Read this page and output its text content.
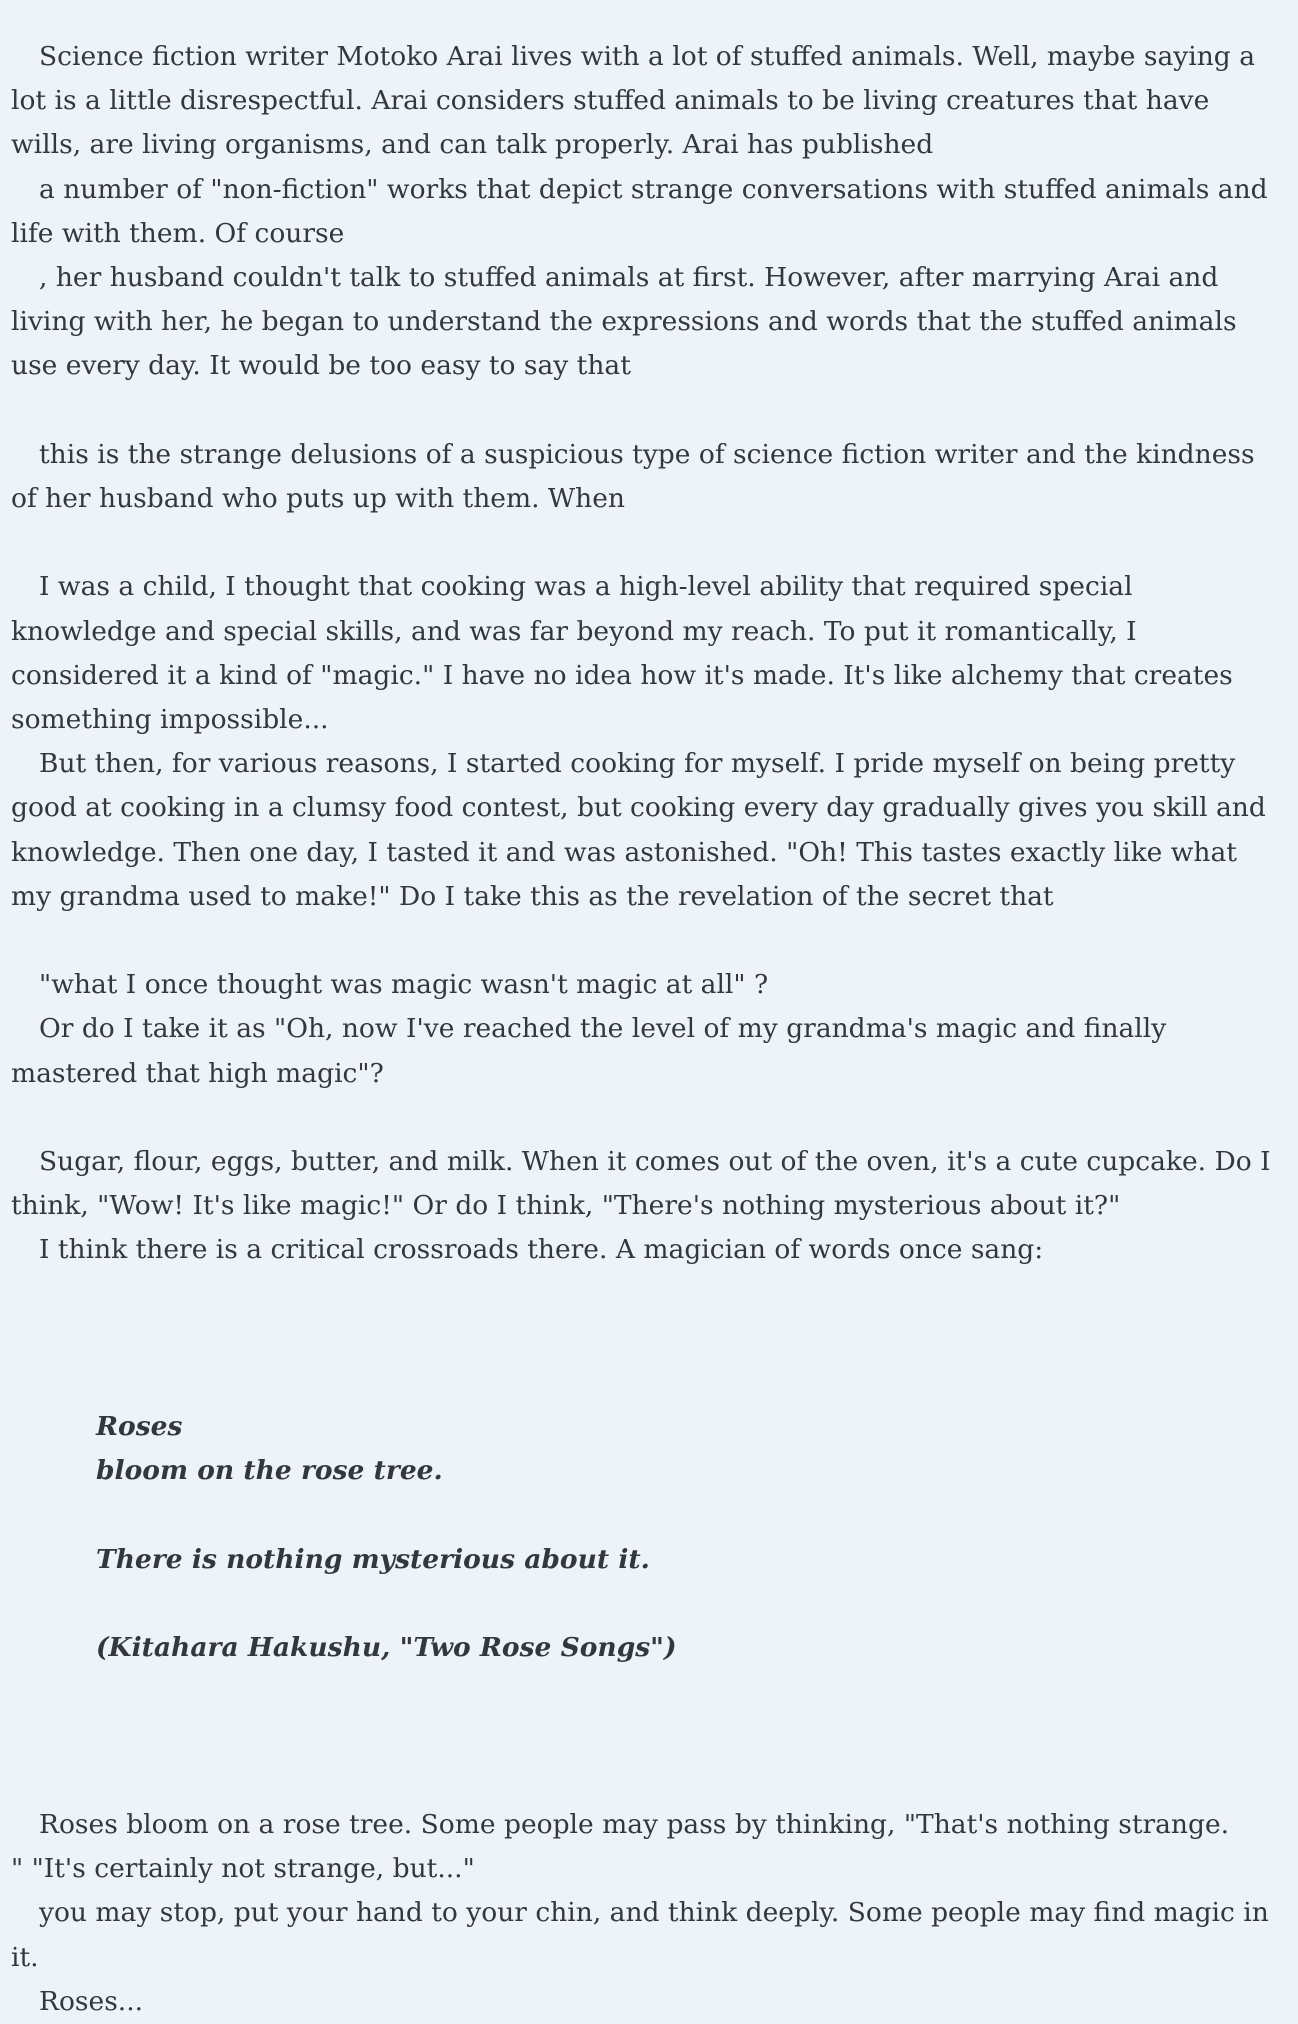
Science fiction writer Motoko Arai lives with a lot of stuffed animals. Well, maybe saying a lot is a little disrespectful. Arai considers stuffed animals to be living creatures that have wills, are living organisms, and can talk properly. Arai has published

a number of "non-fiction" works that depict strange conversations with stuffed animals and life with them. Of course

, her husband couldn't talk to stuffed animals at first. However, after marrying Arai and living with her, he began to understand the expressions and words that the stuffed animals use every day. It would be too easy to say that

this is the strange delusions of a suspicious type of science fiction writer and the kindness of her husband who puts up with them. When

I was a child, I thought that cooking was a high-level ability that required special knowledge and special skills, and was far beyond my reach. To put it romantically, I considered it a kind of "magic." I have no idea how it's made. It's like alchemy that creates something impossible...

But then, for various reasons, I started cooking for myself. I pride myself on being pretty good at cooking in a clumsy food contest, but cooking every day gradually gives you skill and knowledge. Then one day, I tasted it and was astonished. "Oh! This tastes exactly like what my grandma used to make!" Do I take this as the revelation of the secret that

"what I once thought was magic wasn't magic at all" ?

Or do I take it as "Oh, now I've reached the level of my grandma's magic and finally mastered that high magic"?

Sugar, flour, eggs, butter, and milk. When it comes out of the oven, it's a cute cupcake. Do I think, "Wow! It's like magic!" Or do I think, "There's nothing mysterious about it?"

I think there is a critical crossroads there. A magician of words once sang:

Roses
bloom on the rose tree.
There is nothing mysterious about it.
(Kitahara Hakushu, "Two Rose Songs")

Roses bloom on a rose tree. Some people may pass by thinking, "That's nothing strange.

" "It's certainly not strange, but..."

you may stop, put your hand to your chin, and think deeply. Some people may find magic in it.

Roses...
